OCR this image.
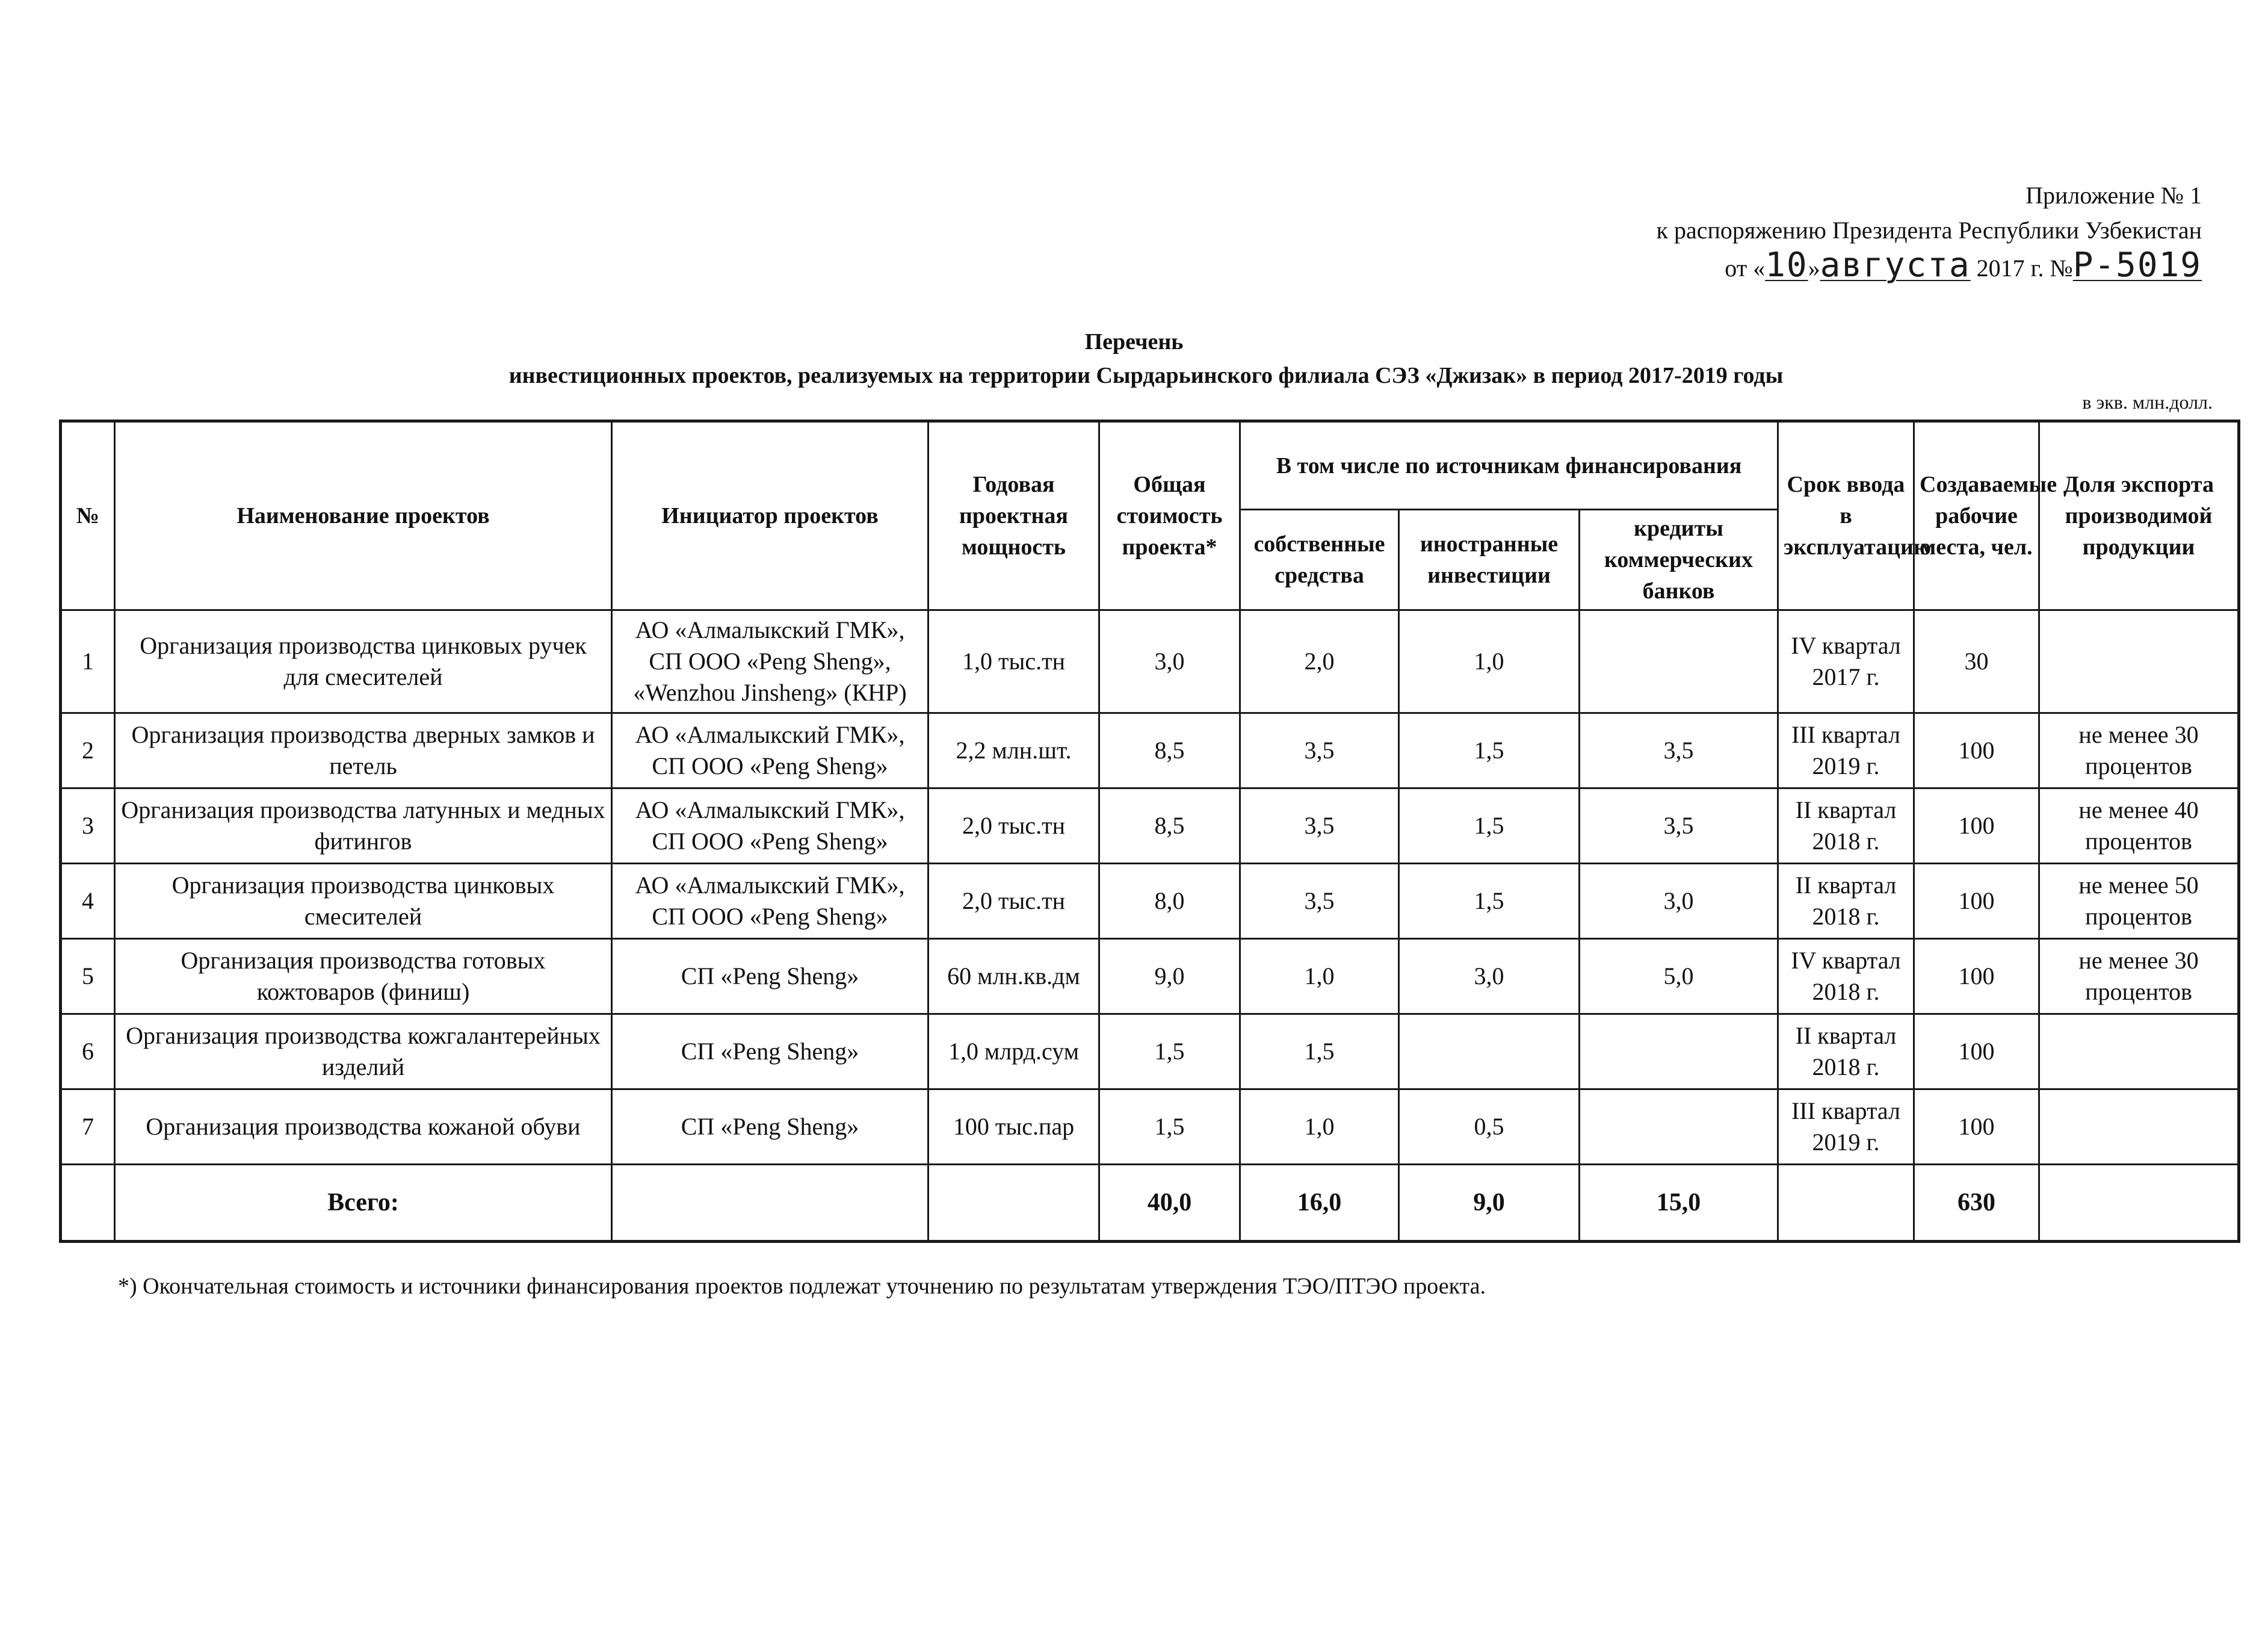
Приложение № 1
к распоряжению Президента Республики Узбекистан
от «10»августа 2017 г. №Р-5019
Перечень
инвестиционных проектов, реализуемых на территории Сырдарьинского филиала СЭЗ «Джизак» в период 2017-2019 годы
в экв. млн.долл.
№	Наименование проектов	Инициатор проектов	Годовая проектная мощность	Общая стоимость проекта*	В том числе по источникам финансирования			Срок ввода в эксплуатацию	Создаваемые рабочие места, чел.	Доля экспорта производимой продукции
					собственные средства	иностранные инвестиции	кредиты коммерческих банков			
1	Организация производства цинковых ручек для смесителей	АО «Алмалыкский ГМК», СП ООО «Peng Sheng», «Wenzhou Jinsheng» (КНР)	1,0 тыс.тн	3,0	2,0	1,0		IV квартал 2017 г.	30	
2	Организация производства дверных замков и петель	АО «Алмалыкский ГМК», СП ООО «Peng Sheng»	2,2 млн.шт.	8,5	3,5	1,5	3,5	III квартал 2019 г.	100	не менее 30 процентов
3	Организация производства латунных и медных фитингов	АО «Алмалыкский ГМК», СП ООО «Peng Sheng»	2,0 тыс.тн	8,5	3,5	1,5	3,5	II квартал 2018 г.	100	не менее 40 процентов
4	Организация производства цинковых смесителей	АО «Алмалыкский ГМК», СП ООО «Peng Sheng»	2,0 тыс.тн	8,0	3,5	1,5	3,0	II квартал 2018 г.	100	не менее 50 процентов
5	Организация производства готовых кожтоваров (финиш)	СП «Peng Sheng»	60 млн.кв.дм	9,0	1,0	3,0	5,0	IV квартал 2018 г.	100	не менее 30 процентов
6	Организация производства кожгалантерейных изделий	СП «Peng Sheng»	1,0 млрд.сум	1,5	1,5			II квартал 2018 г.	100	
7	Организация производства кожаной обуви	СП «Peng Sheng»	100 тыс.пар	1,5	1,0	0,5		III квартал 2019 г.	100	
	Всего:			40,0	16,0	9,0	15,0		630	
*) Окончательная стоимость и источники финансирования проектов подлежат уточнению по результатам утверждения ТЭО/ПТЭО проекта.
